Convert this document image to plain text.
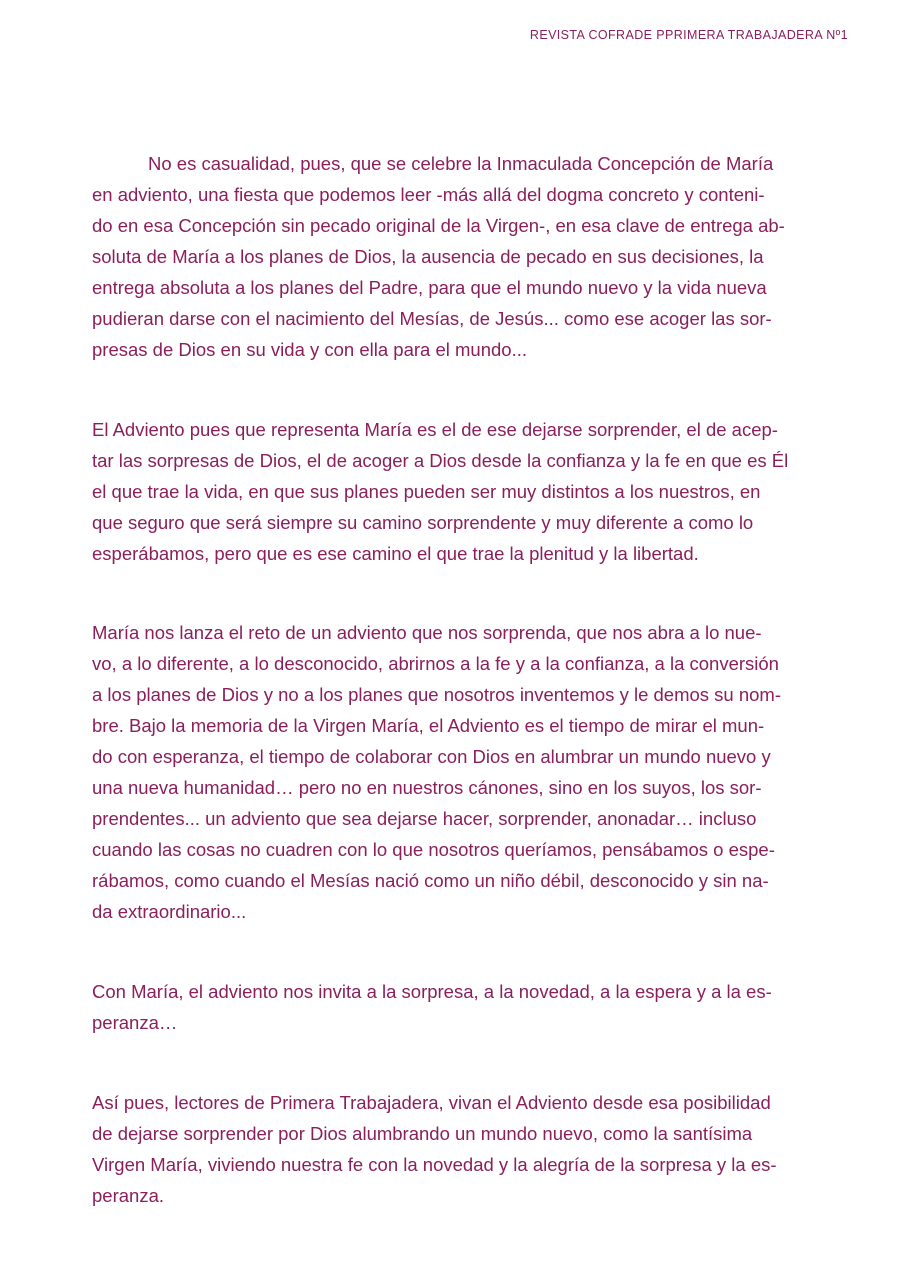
REVISTA COFRADE PPRIMERA TRABAJADERA Nº1

No es casualidad, pues, que se celebre la Inmaculada Concepción de María
en adviento, una fiesta que podemos leer -más allá del dogma concreto y conteni-
do en esa Concepción sin pecado original de la Virgen-, en esa clave de entrega ab-
soluta de María a los planes de Dios, la ausencia de pecado en sus decisiones, la
entrega absoluta a los planes del Padre, para que el mundo nuevo y la vida nueva
pudieran darse con el nacimiento del Mesías, de Jesús... como ese acoger las sor-
presas de Dios en su vida y con ella para el mundo...

El Adviento pues que representa María es el de ese dejarse sorprender, el de acep-
tar las sorpresas de Dios, el de acoger a Dios desde la confianza y la fe en que es Él
el que trae la vida, en que sus planes pueden ser muy distintos a los nuestros, en
que seguro que será siempre su camino sorprendente y muy diferente a como lo
esperábamos, pero que es ese camino el que trae la plenitud y la libertad.

María nos lanza el reto de un adviento que nos sorprenda, que nos abra a lo nue-
vo, a lo diferente, a lo desconocido, abrirnos a la fe y a la confianza, a la conversión
a los planes de Dios y no a los planes que nosotros inventemos y le demos su nom-
bre. Bajo la memoria de la Virgen María, el Adviento es el tiempo de mirar el mun-
do con esperanza, el tiempo de colaborar con Dios en alumbrar un mundo nuevo y
una nueva humanidad… pero no en nuestros cánones, sino en los suyos, los sor-
prendentes... un adviento que sea dejarse hacer, sorprender, anonadar… incluso
cuando las cosas no cuadren con lo que nosotros queríamos, pensábamos o espe-
rábamos, como cuando el Mesías nació como un niño débil, desconocido y sin na-
da extraordinario...

Con María, el adviento nos invita a la sorpresa, a la novedad, a la espera y a la es-
peranza…

Así pues, lectores de Primera Trabajadera, vivan el Adviento desde esa posibilidad
de dejarse sorprender por Dios alumbrando un mundo nuevo, como la santísima
Virgen María, viviendo nuestra fe con la novedad y la alegría de la sorpresa y la es-
peranza.
